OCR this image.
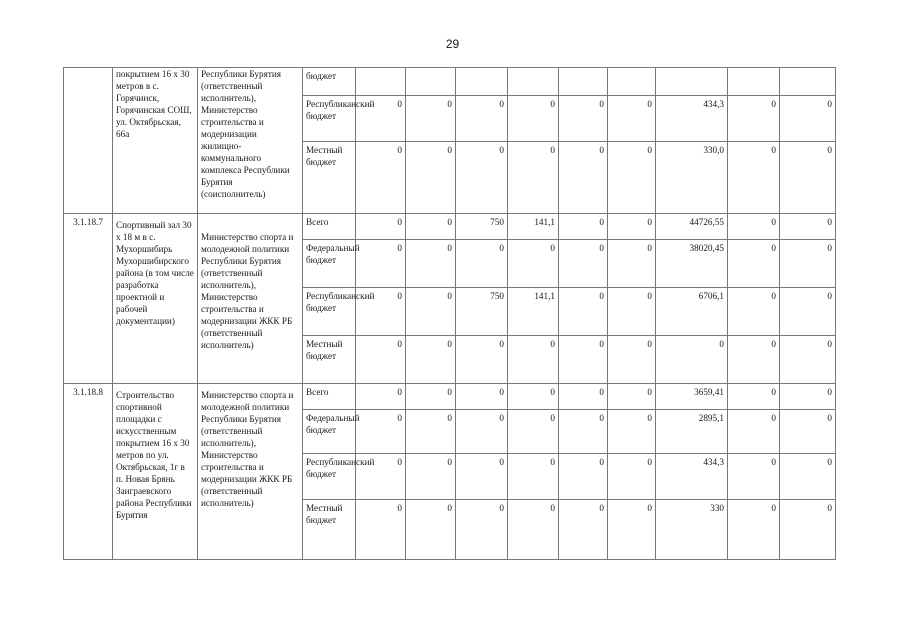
29
	покрытием 16 х 30 метров в с. Горячинск, Горячинская СОШ, ул. Октябрьская, 66а	Республики Бурятия (ответственный исполнитель), Министерство строительства и модернизации жилищно-коммунального комплекса Республики Бурятия (соисполнитель)	бюджет									
			Республиканский бюджет	0	0	0	0	0	0	434,3	0	0
			Местный бюджет	0	0	0	0	0	0	330,0	0	0
3.1.18.7	Спортивный зал 30 х 18 м в с. Мухоршибирь Мухоршибирского района (в том числе разработка проектной и рабочей документации)	Министерство спорта и молодежной политики Республики Бурятия (ответственный исполнитель), Министерство строительства и модернизации ЖКК РБ (ответственный исполнитель)	Всего	0	0	750	141,1	0	0	44726,55	0	0
			Федеральный бюджет	0	0	0	0	0	0	38020,45	0	0
			Республиканский бюджет	0	0	750	141,1	0	0	6706,1	0	0
			Местный бюджет	0	0	0	0	0	0	0	0	0
3.1.18.8	Строительство спортивной площадки с искусственным покрытием 16 х 30 метров по ул. Октябрьская, 1г в п. Новая Брянь Заиграевского района Республики Бурятия	Министерство спорта и молодежной политики Республики Бурятия (ответственный исполнитель), Министерство строительства и модернизации ЖКК РБ (ответственный исполнитель)	Всего	0	0	0	0	0	0	3659,41	0	0
			Федеральный бюджет	0	0	0	0	0	0	2895,1	0	0
			Республиканский бюджет	0	0	0	0	0	0	434,3	0	0
			Местный бюджет	0	0	0	0	0	0	330	0	0
